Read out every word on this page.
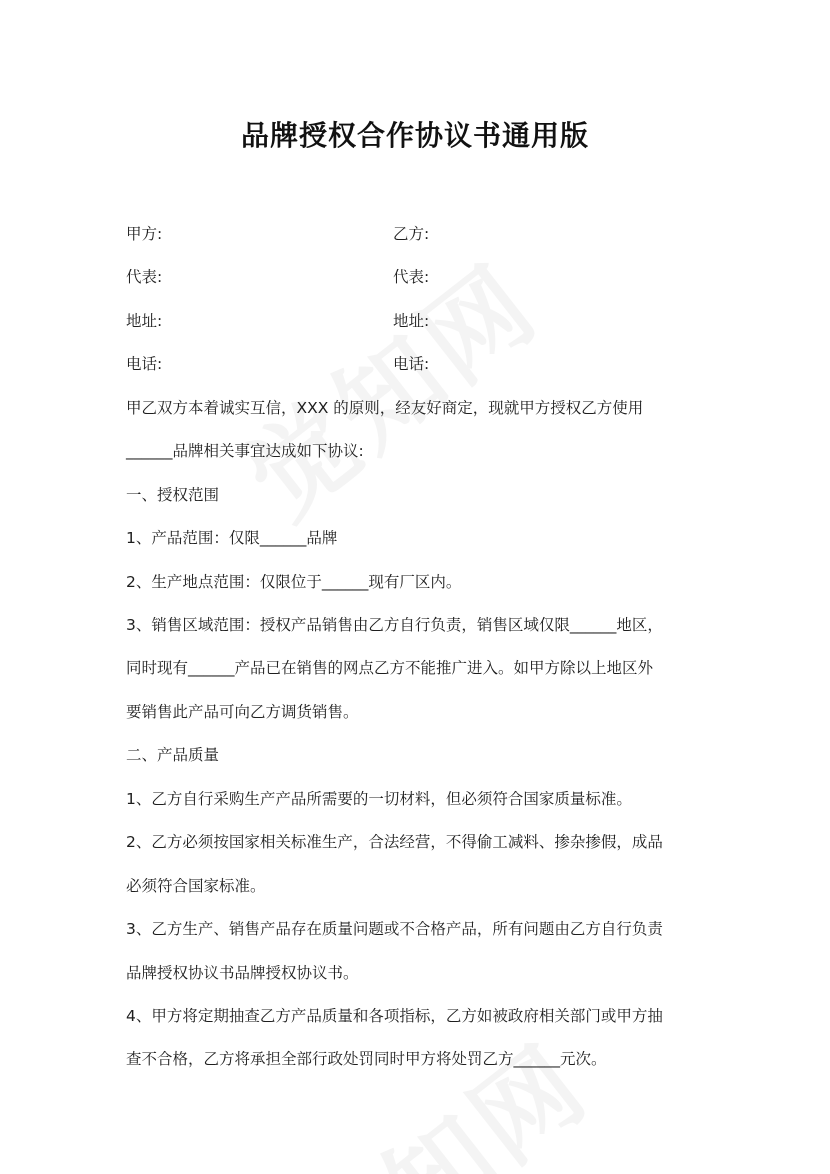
品牌授权合作协议书通用版
甲方:	乙方:
代表:	代表:
地址:	地址:
电话:	电话:
甲乙双方本着诚实互信，XXX 的原则，经友好商定，现就甲方授权乙方使用
______品牌相关事宜达成如下协议:
一、授权范围
1、产品范围：仅限______品牌
2、生产地点范围：仅限位于______现有厂区内。
3、销售区域范围：授权产品销售由乙方自行负责，销售区域仅限______地区，
同时现有______产品已在销售的网点乙方不能推广进入。如甲方除以上地区外
要销售此产品可向乙方调货销售。
二、产品质量
1、乙方自行采购生产产品所需要的一切材料，但必须符合国家质量标准。
2、乙方必须按国家相关标准生产，合法经营，不得偷工减料、掺杂掺假，成品
必须符合国家标准。
3、乙方生产、销售产品存在质量问题或不合格产品，所有问题由乙方自行负责
品牌授权协议书品牌授权协议书。
4、甲方将定期抽查乙方产品质量和各项指标，乙方如被政府相关部门或甲方抽
查不合格，乙方将承担全部行政处罚同时甲方将处罚乙方______元次。
